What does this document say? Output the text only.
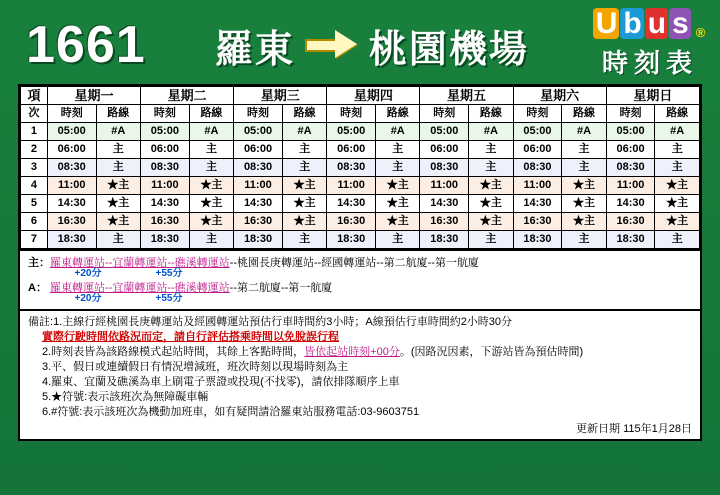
1661 羅東 桃園機場
U b u s ®
時刻表
項	星期一		星期二		星期三		星期四		星期五		星期六		星期日	
次	時刻	路線	時刻	路線	時刻	路線	時刻	路線	時刻	路線	時刻	路線	時刻	路線
1	05:00	#A	05:00	#A	05:00	#A	05:00	#A	05:00	#A	05:00	#A	05:00	#A
2	06:00	主	06:00	主	06:00	主	06:00	主	06:00	主	06:00	主	06:00	主
3	08:30	主	08:30	主	08:30	主	08:30	主	08:30	主	08:30	主	08:30	主
4	11:00	★主	11:00	★主	11:00	★主	11:00	★主	11:00	★主	11:00	★主	11:00	★主
5	14:30	★主	14:30	★主	14:30	★主	14:30	★主	14:30	★主	14:30	★主	14:30	★主
6	16:30	★主	16:30	★主	16:30	★主	16:30	★主	16:30	★主	16:30	★主	16:30	★主
7	18:30	主	18:30	主	18:30	主	18:30	主	18:30	主	18:30	主	18:30	主
主： 羅東轉運站--宜蘭轉運站--礁溪轉運站 --桃園長庚轉運站--經國轉運站--第二航廈--第一航廈
+20分	+55分
A： 羅東轉運站--宜蘭轉運站--礁溪轉運站 --第二航廈--第一航廈
+20分	+55分
備註:1.主線行經桃園長庚轉運站及經國轉運站預估行車時間約3小時；A線預估行車時間約2小時30分
實際行駛時間依路況而定，請自行評估搭乘時間以免脫誤行程
2.時刻表皆為該路線模式起站時間，其餘上客點時間，皆依起站時刻+00分。(因路況因素，下游站皆為預估時間)
3.平、假日或連續假日有情況增減班，班次時刻以現場時刻為主
4.羅東、宜蘭及礁溪為車上刷電子票證或投現(不找零)，請依排隊順序上車
5.★符號:表示該班次為無障礙車輛
6.#符號:表示該班次為機動加班車，如有疑問請洽羅東站服務電話:03-9603751
更新日期 115年1月28日
